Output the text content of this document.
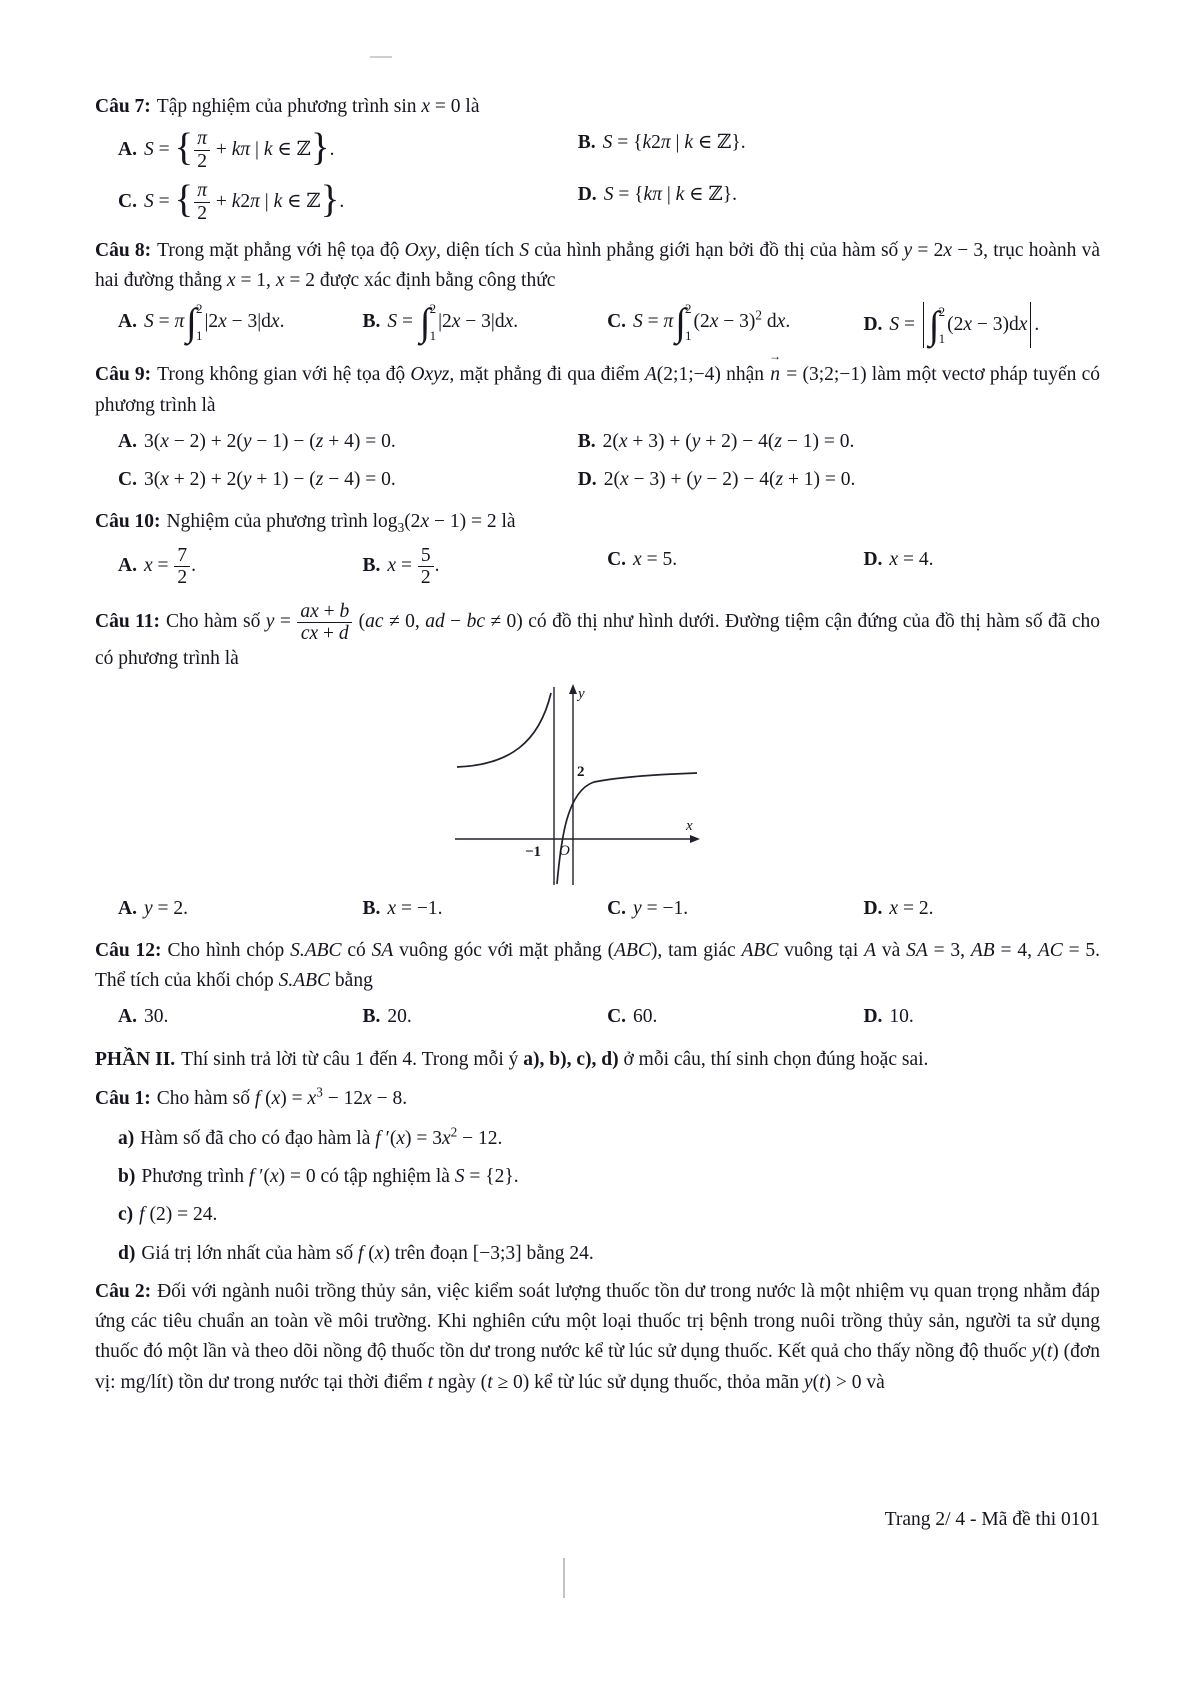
Câu 7: Tập nghiệm của phương trình sin x = 0 là

A. S = { $\frac{\pi}{2} + k\pi$ | k ∈ ℤ}.	B. S = {k2π | k ∈ ℤ}.
C. S = { $\frac{\pi}{2} + k2\pi$ | k ∈ ℤ}.	D. S = {kπ | k ∈ ℤ}.

Câu 8: Trong mặt phẳng với hệ tọa độ Oxy, diện tích S của hình phẳng giới hạn bởi đồ thị của hàm số y = 2x − 3, trục hoành và hai đường thẳng x = 1, x = 2 được xác định bằng công thức

A. S = π ∫ 2
1
|2x − 3|dx.	B. S = ∫ 2
1
|2x − 3|dx.	C. S = π ∫ 2
1
$(2x - 3)^2$ dx.	D. S = ∫ 2
1
(2x − 3)dx .

Câu 9: Trong không gian với hệ tọa độ Oxyz, mặt phẳng đi qua điểm A(2;1;−4) nhận → n = (3;2;−1) làm một vectơ pháp tuyến có phương trình là

A. 3(x − 2) + 2(y − 1) − (z + 4) = 0.	B. 2(x + 3) + (y + 2) − 4(z − 1) = 0.
C. 3(x + 2) + 2(y + 1) − (z − 4) = 0.	D. 2(x − 3) + (y − 2) − 4(z + 1) = 0.

Câu 10: Nghiệm của phương trình $\log_3(2x - 1) = 2$ là

A. $x = \frac{7}{2}$ .	B. $x = \frac{5}{2}$ .	C. x = 5.	D. x = 4.

Câu 11: Cho hàm số $y = \frac{ax + b}{cx + d} (ac \ne 0$, ad − bc ≠ 0) có đồ thị như hình dưới. Đường tiệm cận đứng của đồ thị hàm số đã cho có phương trình là

y
x
2
−1 O
A. y = 2.	B. x = −1.	C. y = −1.	D. x = 2.

Câu 12: Cho hình chóp S.ABC có SA vuông góc với mặt phẳng (ABC), tam giác ABC vuông tại A và SA = 3, AB = 4, AC = 5. Thể tích của khối chóp S.ABC bằng

A. 30.	B. 20.	C. 60.	D. 10.

PHẦN II. Thí sinh trả lời từ câu 1 đến 4. Trong mỗi ý a), b), c), d) ở mỗi câu, thí sinh chọn đúng hoặc sai.

Câu 1: Cho hàm số f $(x) = x^3 - 12x - 8$.

a) Hàm số đã cho có đạo hàm là f $'(x) = 3x^2 - 12$.
b) Phương trình f ′(x) = 0 có tập nghiệm là S = {2}.
c) f (2) = 24.
d) Giá trị lớn nhất của hàm số f (x) trên đoạn [−3;3] bằng 24.

Câu 2: Đối với ngành nuôi trồng thủy sản, việc kiểm soát lượng thuốc tồn dư trong nước là một nhiệm vụ quan trọng nhằm đáp ứng các tiêu chuẩn an toàn về môi trường. Khi nghiên cứu một loại thuốc trị bệnh trong nuôi trồng thủy sản, người ta sử dụng thuốc đó một lần và theo dõi nồng độ thuốc tồn dư trong nước kể từ lúc sử dụng thuốc. Kết quả cho thấy nồng độ thuốc y(t) (đơn vị: mg/lít) tồn dư trong nước tại thời điểm t ngày (t ≥ 0) kể từ lúc sử dụng thuốc, thỏa mãn y(t) > 0 và

Trang 2/ 4 - Mã đề thi 0101
